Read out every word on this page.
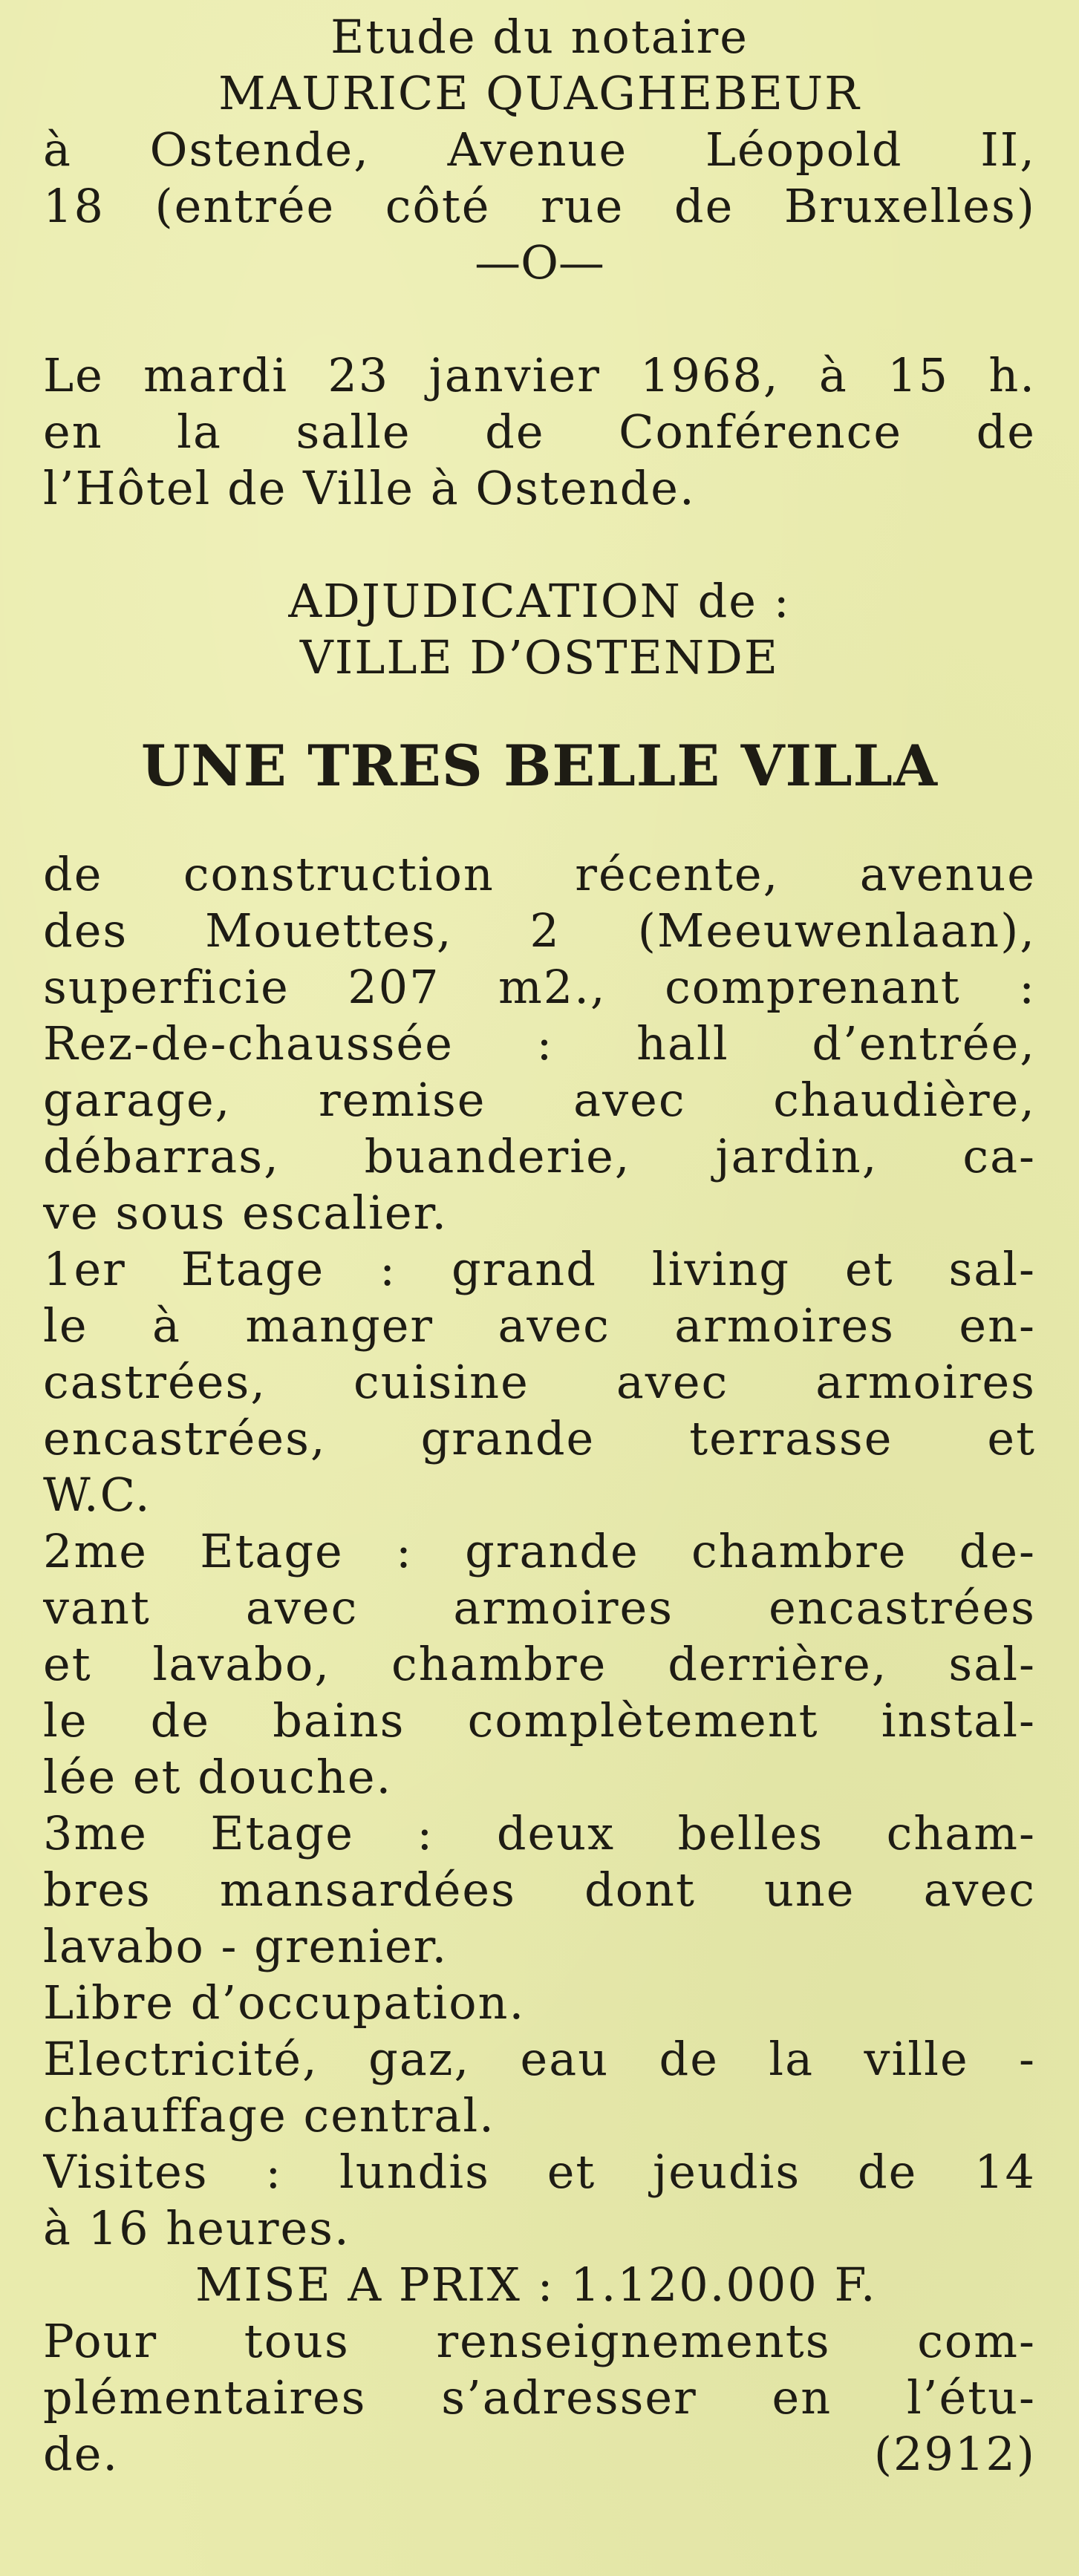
Etude du notaire
MAURICE QUAGHEBEUR
à Ostende, Avenue Léopold II,
18 (entrée côté rue de Bruxelles)
—O—
Le mardi 23 janvier 1968, à 15 h.
en la salle de Conférence de
l’Hôtel de Ville à Ostende.
ADJUDICATION de :
VILLE D’OSTENDE
UNE TRES BELLE VILLA
de construction récente, avenue
des Mouettes, 2 (Meeuwenlaan),
superficie 207 m2., comprenant :
Rez-de-chaussée : hall d’entrée,
garage, remise avec chaudière,
débarras, buanderie, jardin, ca-
ve sous escalier.
1er Etage : grand living et sal-
le à manger avec armoires en-
castrées, cuisine avec armoires
encastrées, grande terrasse et
W.C.
2me Etage : grande chambre de-
vant avec armoires encastrées
et lavabo, chambre derrière, sal-
le de bains complètement instal-
lée et douche.
3me Etage : deux belles cham-
bres mansardées dont une avec
lavabo - grenier.
Libre d’occupation.
Electricité, gaz, eau de la ville -
chauffage central.
Visites : lundis et jeudis de 14
à 16 heures.
MISE A PRIX : 1.120.000 F.
Pour tous renseignements com-
plémentaires s’adresser en l’étu-
de.	(2912)
